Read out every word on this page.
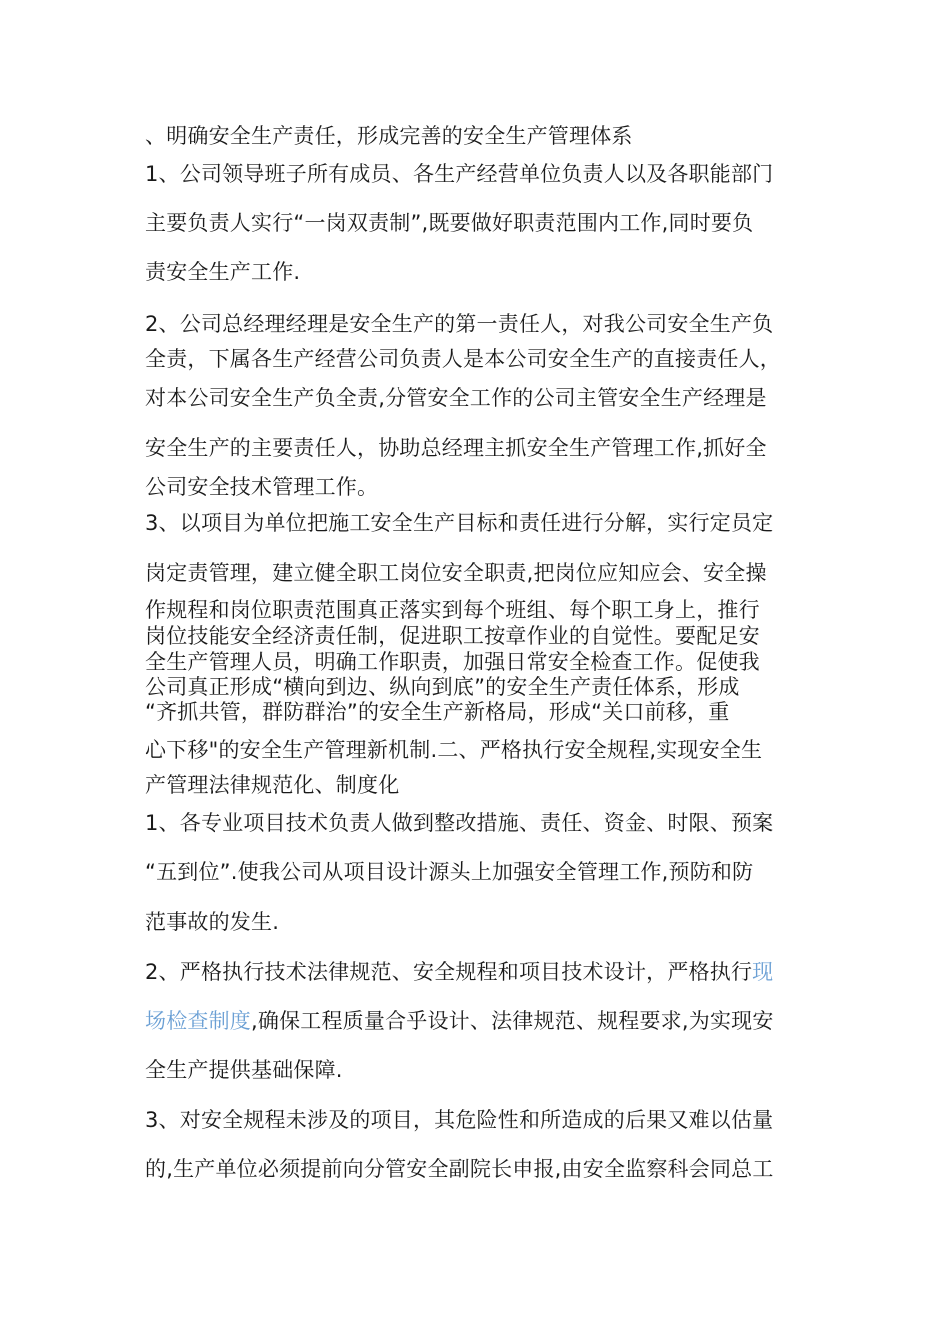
、明确安全生产责任，形成完善的安全生产管理体系
1、公司领导班子所有成员、各生产经营单位负责人以及各职能部门
主要负责人实行“一岗双责制”,既要做好职责范围内工作,同时要负
责安全生产工作.
2、公司总经理经理是安全生产的第一责任人，对我公司安全生产负
全责，下属各生产经营公司负责人是本公司安全生产的直接责任人，
对本公司安全生产负全责,分管安全工作的公司主管安全生产经理是
安全生产的主要责任人，协助总经理主抓安全生产管理工作,抓好全
公司安全技术管理工作。
3、以项目为单位把施工安全生产目标和责任进行分解，实行定员定
岗定责管理，建立健全职工岗位安全职责,把岗位应知应会、安全操
作规程和岗位职责范围真正落实到每个班组、每个职工身上，推行
岗位技能安全经济责任制，促进职工按章作业的自觉性。要配足安
全生产管理人员，明确工作职责，加强日常安全检查工作。促使我
公司真正形成“横向到边、纵向到底”的安全生产责任体系，形成
“齐抓共管，群防群治”的安全生产新格局，形成“关口前移，重
心下移"的安全生产管理新机制.二、严格执行安全规程,实现安全生
产管理法律规范化、制度化
1、各专业项目技术负责人做到整改措施、责任、资金、时限、预案
“五到位”.使我公司从项目设计源头上加强安全管理工作,预防和防
范事故的发生.
2、严格执行技术法律规范、安全规程和项目技术设计，严格执行现
场检查制度,确保工程质量合乎设计、法律规范、规程要求,为实现安
全生产提供基础保障.
3、对安全规程未涉及的项目，其危险性和所造成的后果又难以估量
的,生产单位必须提前向分管安全副院长申报,由安全监察科会同总工
